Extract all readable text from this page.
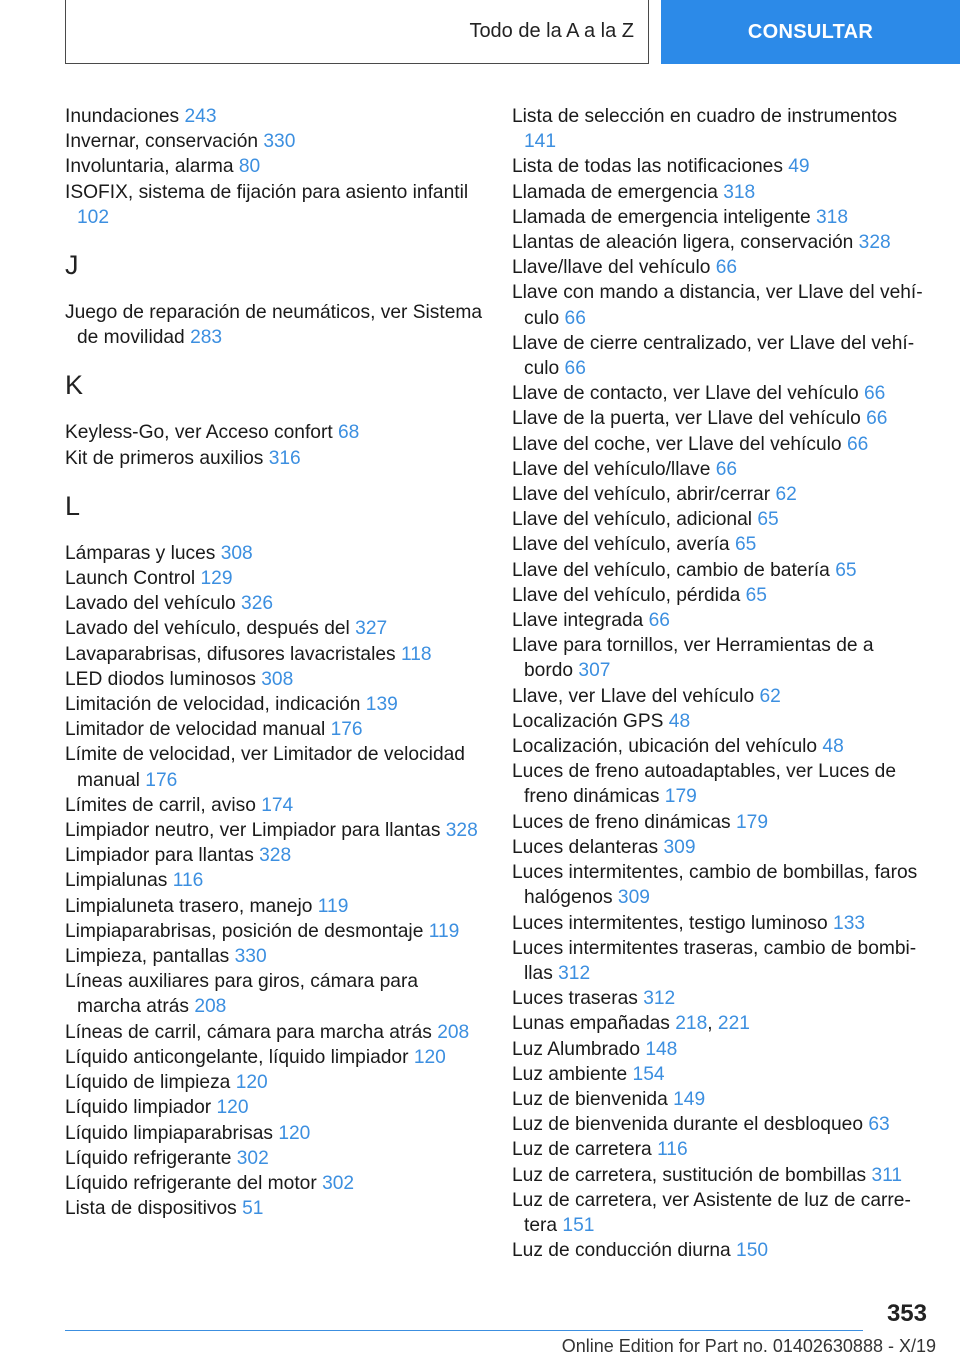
Todo de la A a la Z	CONSULTAR

Inundaciones 243

Invernar, conservación 330

Involuntaria, alarma 80

ISOFIX, sistema de fijación para asiento infantil 102

J

Juego de reparación de neumáticos, ver Sistema de movilidad 283

K

Keyless-Go, ver Acceso confort 68

Kit de primeros auxilios 316

L

Lámparas y luces 308

Launch Control 129

Lavado del vehículo 326

Lavado del vehículo, después del 327

Lavaparabrisas, difusores lavacristales 118

LED diodos luminosos 308

Limitación de velocidad, indicación 139

Limitador de velocidad manual 176

Límite de velocidad, ver Limitador de velocidad manual 176

Límites de carril, aviso 174

Limpiador neutro, ver Limpiador para llantas 328

Limpiador para llantas 328

Limpialunas 116

Limpialuneta trasero, manejo 119

Limpiaparabrisas, posición de desmontaje 119

Limpieza, pantallas 330

Líneas auxiliares para giros, cámara para marcha atrás 208

Líneas de carril, cámara para marcha atrás 208

Líquido anticongelante, líquido limpiador 120

Líquido de limpieza 120

Líquido limpiador 120

Líquido limpiaparabrisas 120

Líquido refrigerante 302

Líquido refrigerante del motor 302

Lista de dispositivos 51

Lista de selección en cuadro de instrumentos 141

Lista de todas las notificaciones 49

Llamada de emergencia 318

Llamada de emergencia inteligente 318

Llantas de aleación ligera, conservación 328

Llave/llave del vehículo 66

Llave con mando a distancia, ver Llave del vehículo 66

Llave de cierre centralizado, ver Llave del vehículo 66

Llave de contacto, ver Llave del vehículo 66

Llave de la puerta, ver Llave del vehículo 66

Llave del coche, ver Llave del vehículo 66

Llave del vehículo/llave 66

Llave del vehículo, abrir/cerrar 62

Llave del vehículo, adicional 65

Llave del vehículo, avería 65

Llave del vehículo, cambio de batería 65

Llave del vehículo, pérdida 65

Llave integrada 66

Llave para tornillos, ver Herramientas de a bordo 307

Llave, ver Llave del vehículo 62

Localización GPS 48

Localización, ubicación del vehículo 48

Luces de freno autoadaptables, ver Luces de freno dinámicas 179

Luces de freno dinámicas 179

Luces delanteras 309

Luces intermitentes, cambio de bombillas, faros halógenos 309

Luces intermitentes, testigo luminoso 133

Luces intermitentes traseras, cambio de bombillas 312

Luces traseras 312

Lunas empañadas 218, 221

Luz Alumbrado 148

Luz ambiente 154

Luz de bienvenida 149

Luz de bienvenida durante el desbloqueo 63

Luz de carretera 116

Luz de carretera, sustitución de bombillas 311

Luz de carretera, ver Asistente de luz de carretera 151

Luz de conducción diurna 150

353
Online Edition for Part no. 01402630888 - X/19
